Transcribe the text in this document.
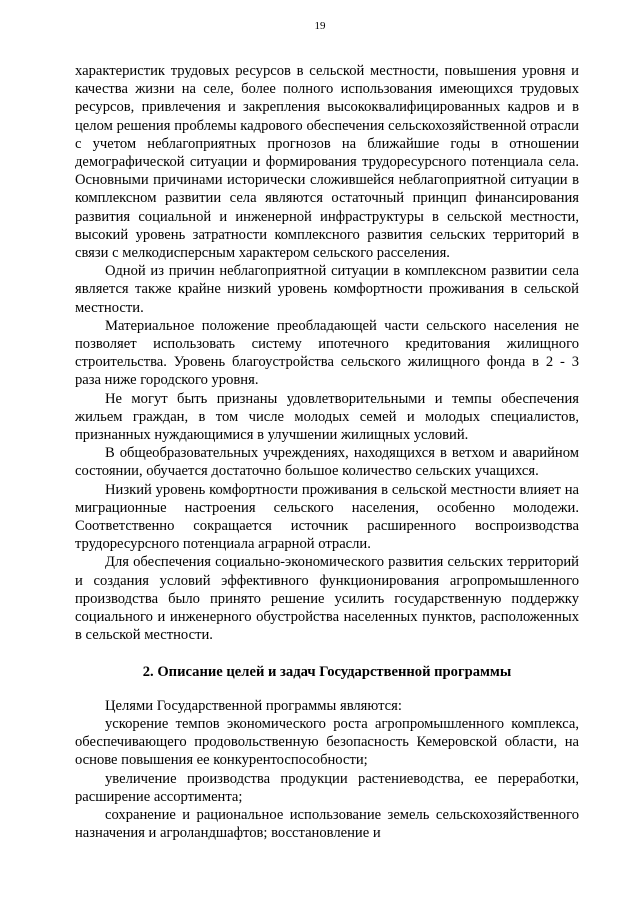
19

характеристик трудовых ресурсов в сельской местности, повышения уровня и качества жизни на селе, более полного использования имеющихся трудовых ресурсов, привлечения и закрепления высококвалифицированных кадров и в целом решения проблемы кадрового обеспечения сельскохозяйственной отрасли с учетом неблагоприятных прогнозов на ближайшие годы в отношении демографической ситуации и формирования трудоресурсного потенциала села. Основными причинами исторически сложившейся неблагоприятной ситуации в комплексном развитии села являются остаточный принцип финансирования развития социальной и инженерной инфраструктуры в сельской местности, высокий уровень затратности комплексного развития сельских территорий в связи с мелкодисперсным характером сельского расселения.

Одной из причин неблагоприятной ситуации в комплексном развитии села является также крайне низкий уровень комфортности проживания в сельской местности.

Материальное положение преобладающей части сельского населения не позволяет использовать систему ипотечного кредитования жилищного строительства. Уровень благоустройства сельского жилищного фонда в 2 - 3 раза ниже городского уровня.

Не могут быть признаны удовлетворительными и темпы обеспечения жильем граждан, в том числе молодых семей и молодых специалистов, признанных нуждающимися в улучшении жилищных условий.

В общеобразовательных учреждениях, находящихся в ветхом и аварийном состоянии, обучается достаточно большое количество сельских учащихся.

Низкий уровень комфортности проживания в сельской местности влияет на миграционные настроения сельского населения, особенно молодежи. Соответственно сокращается источник расширенного воспроизводства трудоресурсного потенциала аграрной отрасли.

Для обеспечения социально-экономического развития сельских территорий и создания условий эффективного функционирования агропромышленного производства было принято решение усилить государственную поддержку социального и инженерного обустройства населенных пунктов, расположенных в сельской местности.

2. Описание целей и задач Государственной программы

Целями Государственной программы являются:

ускорение темпов экономического роста агропромышленного комплекса, обеспечивающего продовольственную безопасность Кемеровской области, на основе повышения ее конкурентоспособности;

увеличение производства продукции растениеводства, ее переработки, расширение ассортимента;

сохранение и рациональное использование земель сельскохозяйственного назначения и агроландшафтов; восстановление и
